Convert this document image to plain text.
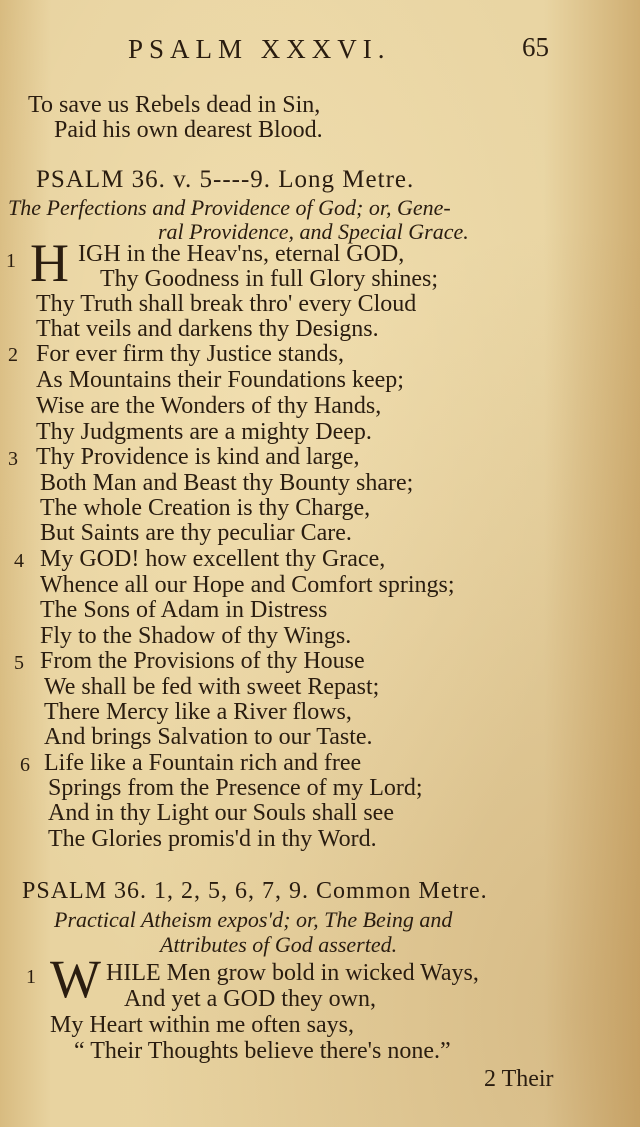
PSALM XXXVI.	65
To save us Rebels dead in Sin,
Paid his own dearest Blood.
PSALM 36. v. 5----9. Long Metre.
The Perfections and Providence of God; or, Gene-
ral Providence, and Special Grace.
1 H IGH in the Heav'ns, eternal GOD,
Thy Goodness in full Glory shines;
Thy Truth shall break thro' every Cloud
That veils and darkens thy Designs.
2 For ever firm thy Justice stands,
As Mountains their Foundations keep;
Wise are the Wonders of thy Hands,
Thy Judgments are a mighty Deep.
3 Thy Providence is kind and large,
Both Man and Beast thy Bounty share;
The whole Creation is thy Charge,
But Saints are thy peculiar Care.
4 My GOD! how excellent thy Grace,
Whence all our Hope and Comfort springs;
The Sons of Adam in Distress
Fly to the Shadow of thy Wings.
5 From the Provisions of thy House
We shall be fed with sweet Repast;
There Mercy like a River flows,
And brings Salvation to our Taste.
6 Life like a Fountain rich and free
Springs from the Presence of my Lord;
And in thy Light our Souls shall see
The Glories promis'd in thy Word.
PSALM 36. 1, 2, 5, 6, 7, 9. Common Metre.
Practical Atheism expos'd; or, The Being and
Attributes of God asserted.
1 W HILE Men grow bold in wicked Ways,
And yet a GOD they own,
My Heart within me often says,
“ Their Thoughts believe there's none.”
2 Their
